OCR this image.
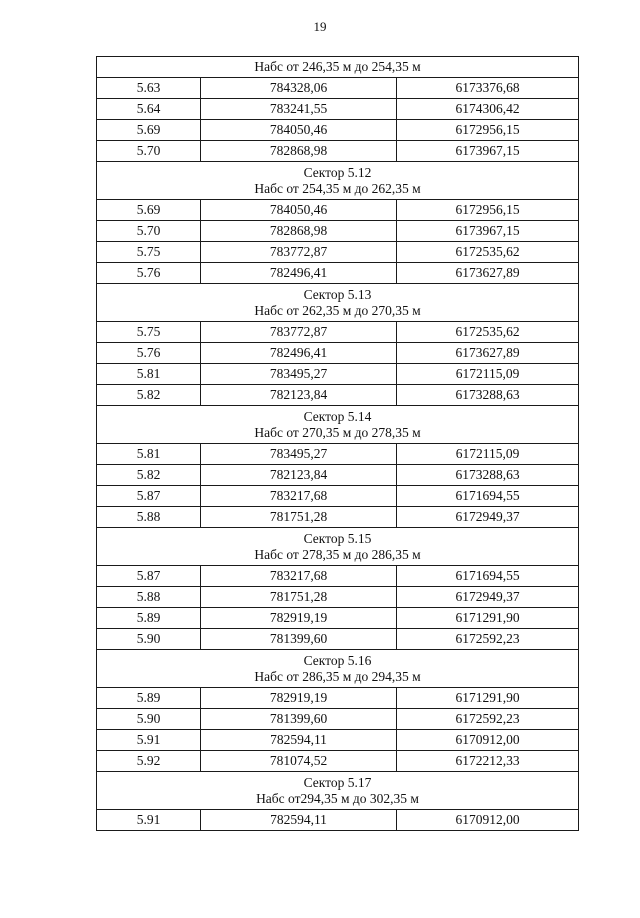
19
Набс от 246,35 м до 254,35 м		

5.63	784328,06	6173376,68
5.64	783241,55	6174306,42
5.69	784050,46	6172956,15
5.70	782868,98	6173967,15

Сектор 5.12
Набс от 254,35 м до 262,35 м		

5.69	784050,46	6172956,15
5.70	782868,98	6173967,15
5.75	783772,87	6172535,62
5.76	782496,41	6173627,89

Сектор 5.13
Набс от 262,35 м до 270,35 м		

5.75	783772,87	6172535,62
5.76	782496,41	6173627,89
5.81	783495,27	6172115,09
5.82	782123,84	6173288,63

Сектор 5.14
Набс от 270,35 м до 278,35 м		

5.81	783495,27	6172115,09
5.82	782123,84	6173288,63
5.87	783217,68	6171694,55
5.88	781751,28	6172949,37

Сектор 5.15
Набс от 278,35 м до 286,35 м		

5.87	783217,68	6171694,55
5.88	781751,28	6172949,37
5.89	782919,19	6171291,90
5.90	781399,60	6172592,23

Сектор 5.16
Набс от 286,35 м до 294,35 м		

5.89	782919,19	6171291,90
5.90	781399,60	6172592,23
5.91	782594,11	6170912,00
5.92	781074,52	6172212,33

Сектор 5.17
Набс от294,35 м до 302,35 м		

5.91	782594,11	6170912,00
